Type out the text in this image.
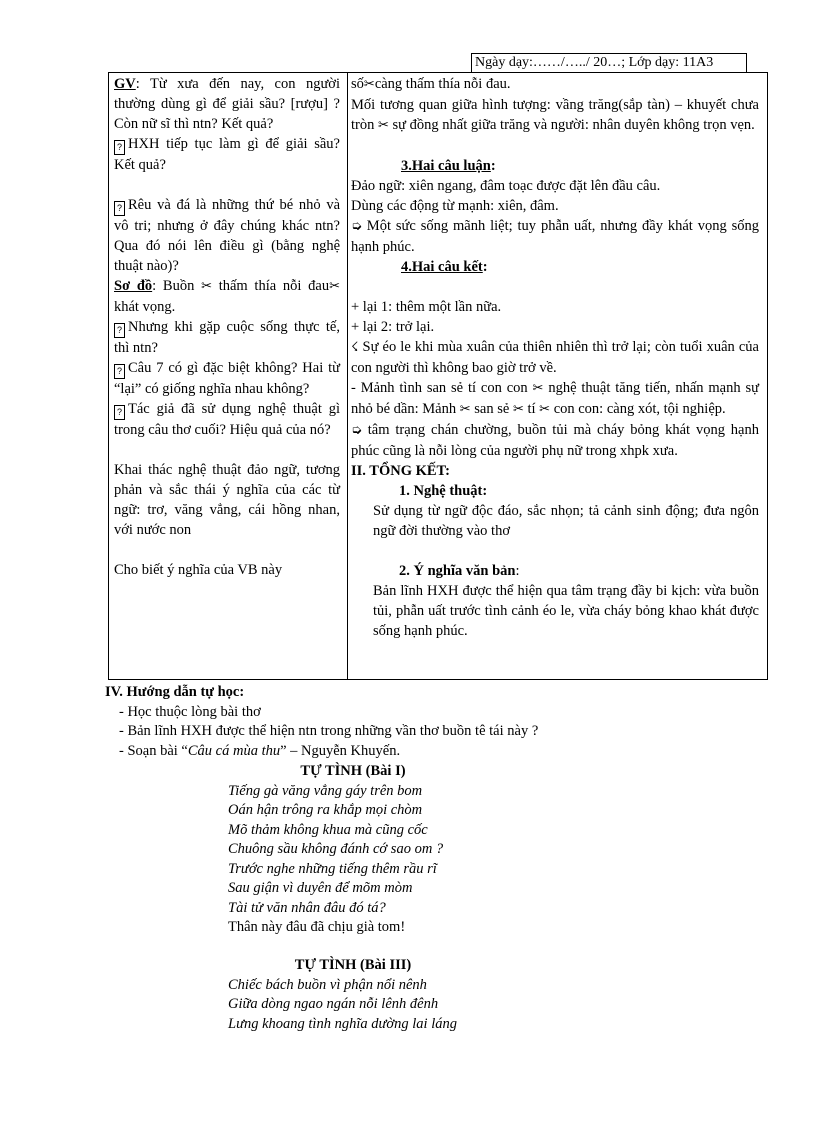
Ngày dạy:……/…../ 20…; Lớp dạy: 11A3

GV: Từ xưa đến nay, con người thường dùng gì để giải sầu? [rượu] ? Còn nữ sĩ thì ntn? Kết quả?

? HXH tiếp tục làm gì để giải sầu? Kết quả?

? Rêu và đá là những thứ bé nhỏ và vô tri; nhưng ở đây chúng khác ntn? Qua đó nói lên điều gì (bằng nghệ thuật nào)?

Sơ đồ: Buồn ✂ thấm thía nỗi đau✂ khát vọng.

? Nhưng khi gặp cuộc sống thực tế, thì ntn?

? Câu 7 có gì đặc biệt không? Hai từ “lại” có giống nghĩa nhau không?

? Tác giả đã sử dụng nghệ thuật gì trong câu thơ cuối? Hiệu quả của nó?

Khai thác nghệ thuật đảo ngữ, tương phản và sắc thái ý nghĩa của các từ ngữ: trơ, văng vẳng, cái hồng nhan, với nước non

Cho biết ý nghĩa của VB này

số✂càng thấm thía nỗi đau.

Mối tương quan giữa hình tượng: vầng trăng(sắp tàn) – khuyết chưa tròn ✂ sự đồng nhất giữa trăng và người: nhân duyên không trọn vẹn.

3.Hai câu luận:

Đảo ngữ: xiên ngang, đâm toạc được đặt lên đầu câu.

Dùng các động từ mạnh: xiên, đâm.

➭ Một sức sống mãnh liệt; tuy phẫn uất, nhưng đầy khát vọng sống hạnh phúc.

4.Hai câu kết:

+ lại 1: thêm một lần nữa.

+ lại 2: trở lại.

☇ Sự éo le khi mùa xuân của thiên nhiên thì trở lại; còn tuổi xuân của con người thì không bao giờ trở về.

- Mảnh tình san sẻ tí con con ✂ nghệ thuật tăng tiến, nhấn mạnh sự nhỏ bé dần: Mảnh ✂ san sẻ ✂ tí ✂ con con: càng xót, tội nghiệp.

➭ tâm trạng chán chường, buồn tủi mà cháy bỏng khát vọng hạnh phúc cũng là nỗi lòng của người phụ nữ trong xhpk xưa.

II. TỔNG KẾT:

1. Nghệ thuật:

Sử dụng từ ngữ độc đáo, sắc nhọn; tả cảnh sinh động; đưa ngôn ngữ đời thường vào thơ

2. Ý nghĩa văn bản:

Bản lĩnh HXH được thể hiện qua tâm trạng đầy bi kịch: vừa buồn tủi, phẫn uất trước tình cảnh éo le, vừa cháy bỏng khao khát được sống hạnh phúc.

IV. Hướng dẫn tự học:

- Học thuộc lòng bài thơ

- Bản lĩnh HXH được thể hiện ntn trong những vần thơ buồn tê tái này ?

- Soạn bài “Câu cá mùa thu” – Nguyễn Khuyến.

TỰ TÌNH (Bài I)

Tiếng gà văng vẳng gáy trên bom

Oán hận trông ra khắp mọi chòm

Mõ thảm không khua mà cũng cốc

Chuông sầu không đánh cớ sao om ?

Trước nghe những tiếng thêm rầu rĩ

Sau giận vì duyên để mõm mòm

Tài tử văn nhân đâu đó tá?

Thân này đâu đã chịu già tom!

TỰ TÌNH (Bài III)

Chiếc bách buồn vì phận nổi nênh

Giữa dòng ngao ngán nỗi lênh đênh

Lưng khoang tình nghĩa dường lai láng
